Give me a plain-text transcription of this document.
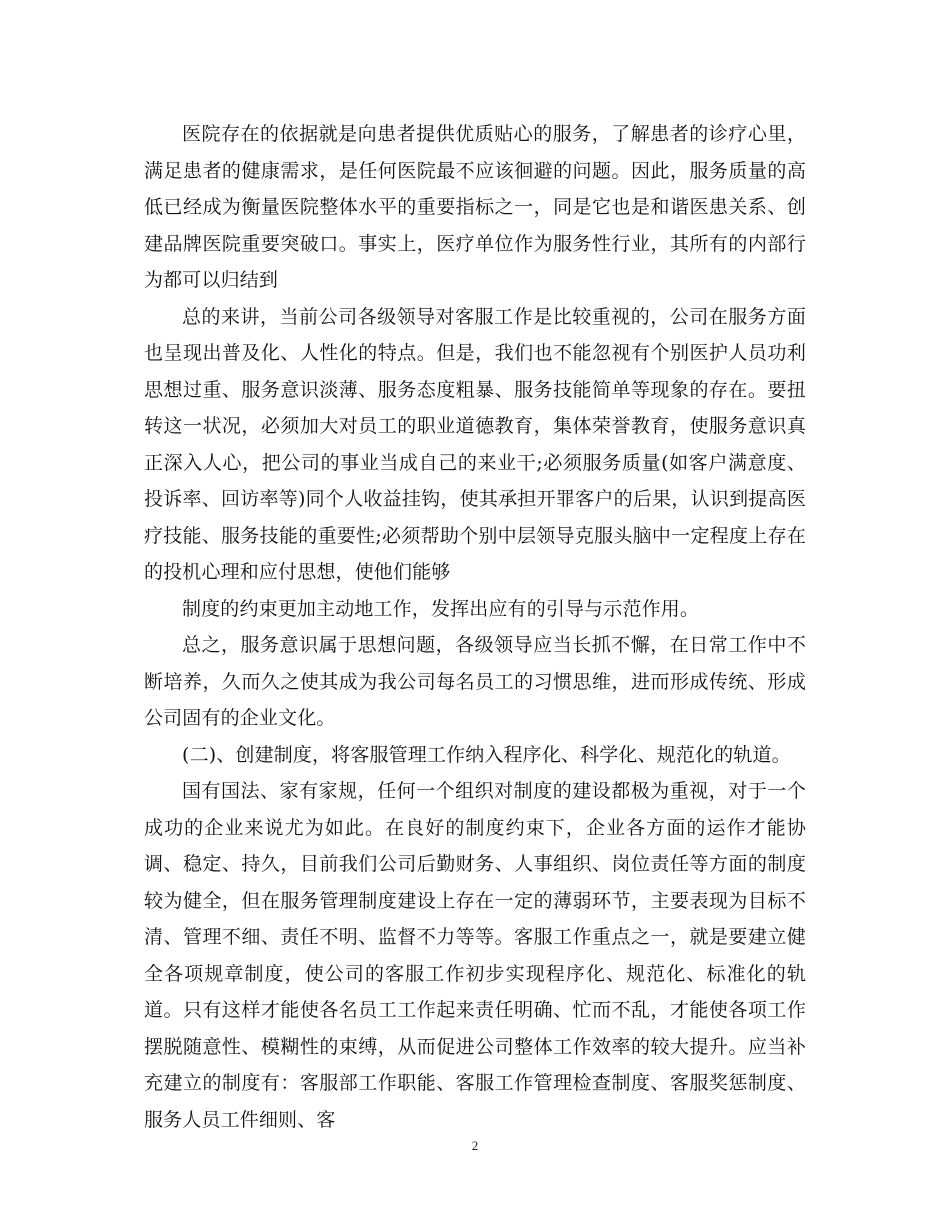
医院存在的依据就是向患者提供优质贴心的服务，了解患者的诊疗心里，满足患者的健康需求，是任何医院最不应该徊避的问题。因此，服务质量的高低已经成为衡量医院整体水平的重要指标之一，同是它也是和谐医患关系、创建品牌医院重要突破口。事实上，医疗单位作为服务性行业，其所有的内部行为都可以归结到

总的来讲，当前公司各级领导对客服工作是比较重视的，公司在服务方面也呈现出普及化、人性化的特点。但是，我们也不能忽视有个别医护人员功利思想过重、服务意识淡薄、服务态度粗暴、服务技能简单等现象的存在。要扭转这一状况，必须加大对员工的职业道德教育，集体荣誉教育，使服务意识真正深入人心，把公司的事业当成自己的来业干;必须服务质量(如客户满意度、投诉率、回访率等)同个人收益挂钩，使其承担开罪客户的后果，认识到提高医疗技能、服务技能的重要性;必须帮助个别中层领导克服头脑中一定程度上存在的投机心理和应付思想，使他们能够

制度的约束更加主动地工作，发挥出应有的引导与示范作用。

总之，服务意识属于思想问题，各级领导应当长抓不懈，在日常工作中不断培养，久而久之使其成为我公司每名员工的习惯思维，进而形成传统、形成公司固有的企业文化。

(二)、创建制度，将客服管理工作纳入程序化、科学化、规范化的轨道。

国有国法、家有家规，任何一个组织对制度的建设都极为重视，对于一个成功的企业来说尤为如此。在良好的制度约束下，企业各方面的运作才能协调、稳定、持久，目前我们公司后勤财务、人事组织、岗位责任等方面的制度较为健全，但在服务管理制度建设上存在一定的薄弱环节，主要表现为目标不清、管理不细、责任不明、监督不力等等。客服工作重点之一，就是要建立健全各项规章制度，使公司的客服工作初步实现程序化、规范化、标准化的轨道。只有这样才能使各名员工工作起来责任明确、忙而不乱，才能使各项工作摆脱随意性、模糊性的束缚，从而促进公司整体工作效率的较大提升。应当补充建立的制度有：客服部工作职能、客服工作管理检查制度、客服奖惩制度、服务人员工件细则、客

2
